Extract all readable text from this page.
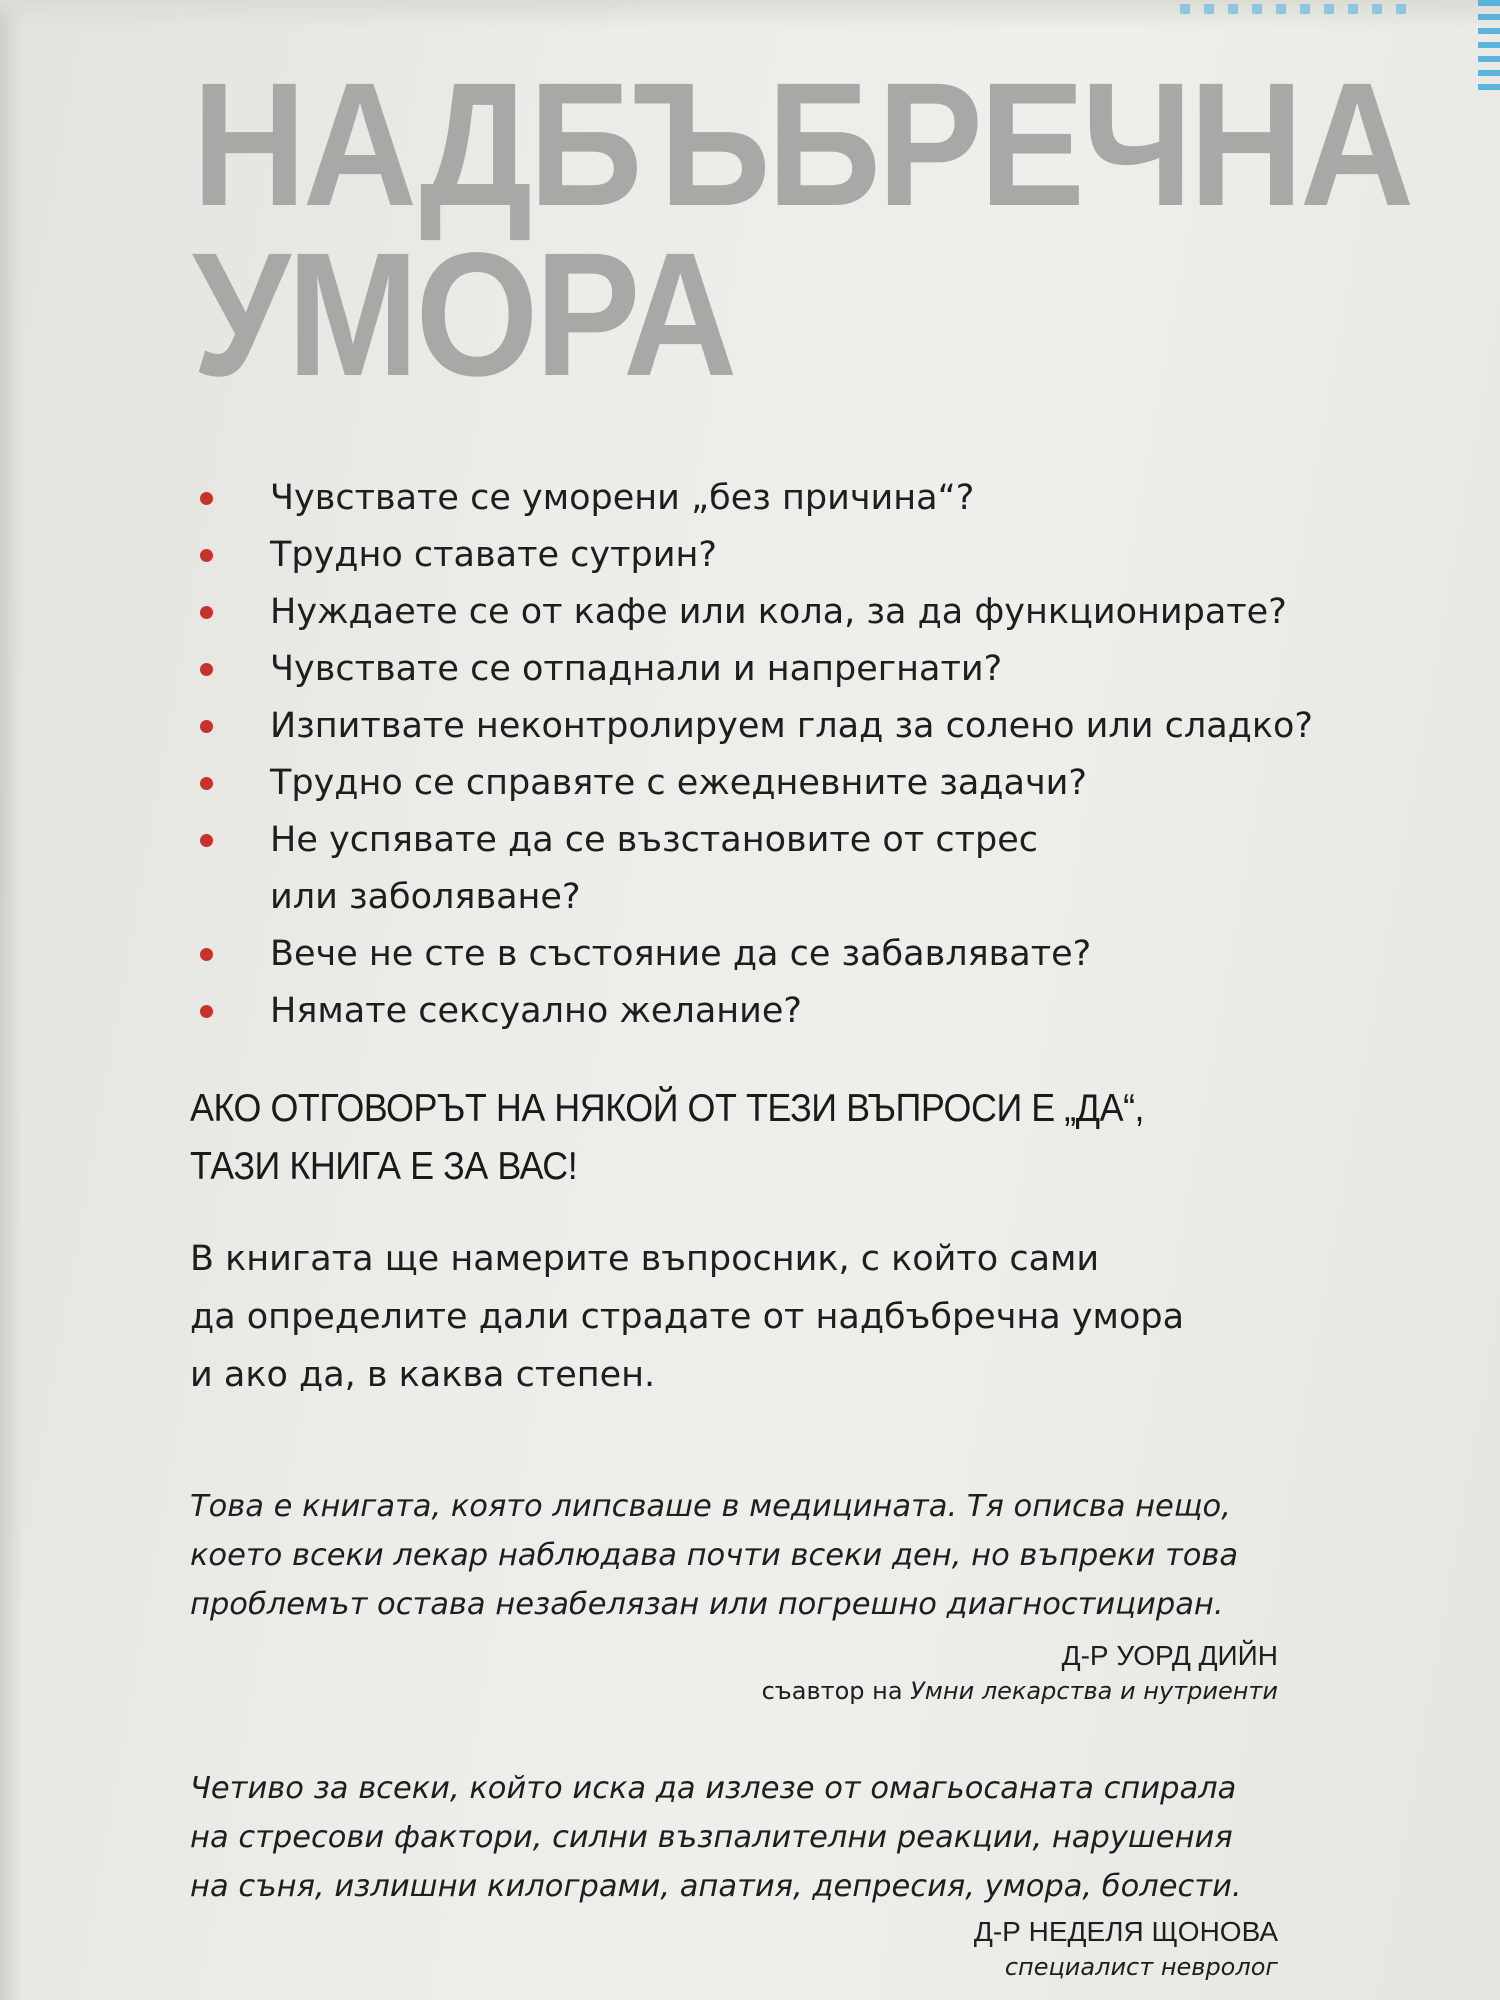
НАДБЪБРЕЧНА
УМОРА
Чувствате се уморени „без причина“?
Трудно ставате сутрин?
Нуждаете се от кафе или кола, за да функционирате?
Чувствате се отпаднали и напрегнати?
Изпитвате неконтролируем глад за солено или сладко?
Трудно се справяте с ежедневните задачи?
Не успявате да се възстановите от стрес
или заболяване?
Вече не сте в състояние да се забавлявате?
Нямате сексуално желание?

АКО ОТГОВОРЪТ НА НЯКОЙ ОТ ТЕЗИ ВЪПРОСИ Е „ДА“,
ТАЗИ КНИГА Е ЗА ВАС!

В книгата ще намерите въпросник, с който сами
да определите дали страдате от надбъбречна умора
и ако да, в каква степен.

Това е книгата, която липсваше в медицината. Тя описва нещо,
което всеки лекар наблюдава почти всеки ден, но въпреки това
проблемът остава незабелязан или погрешно диагностициран.

Д-Р УОРД ДИЙН
съавтор на Умни лекарства и нутриенти

Четиво за всеки, който иска да излезе от омагьосаната спирала
на стресови фактори, силни възпалителни реакции, нарушения
на съня, излишни килограми, апатия, депресия, умора, болести.

Д-Р НЕДЕЛЯ ЩОНОВА
специалист невролог
